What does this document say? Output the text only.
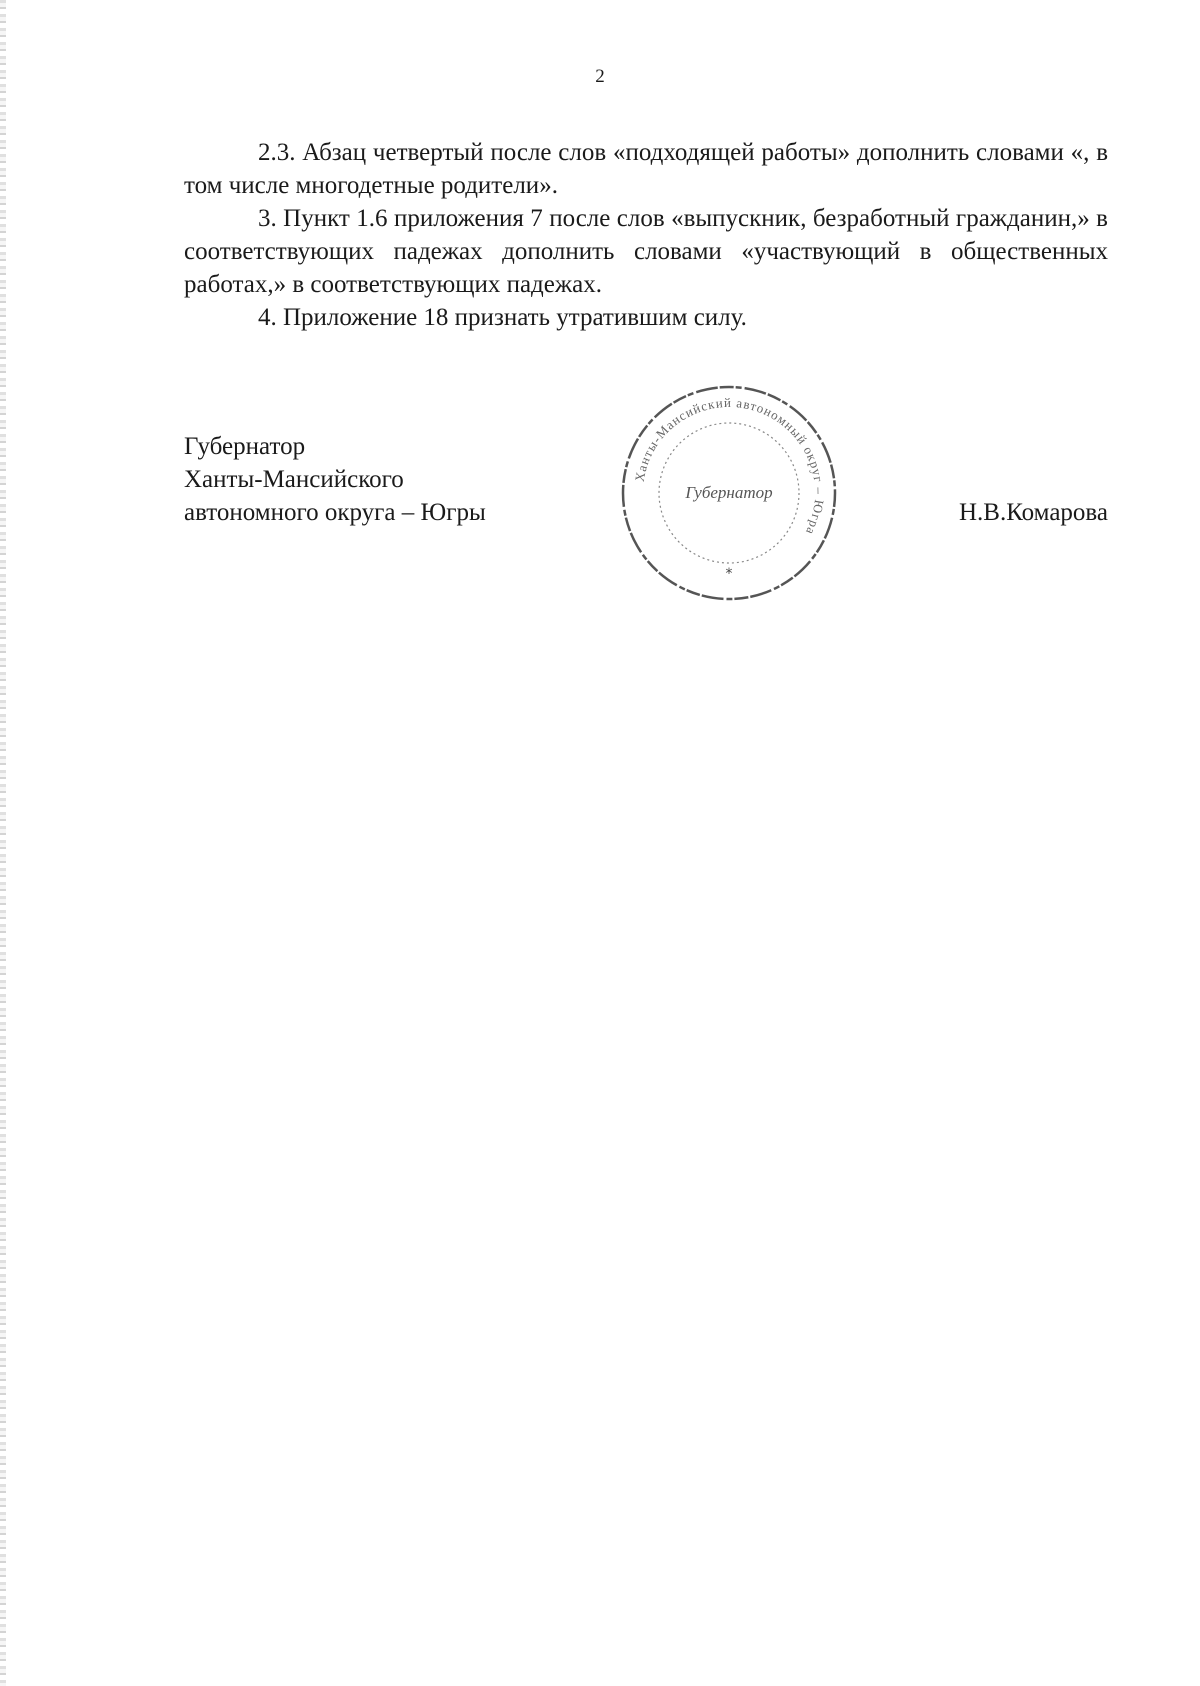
2

2.3. Абзац четвертый после слов «подходящей работы» дополнить словами «, в том числе многодетные родители».

3. Пункт 1.6 приложения 7 после слов «выпускник, безработный гражданин,» в соответствующих падежах дополнить словами «участвующий в общественных работах,» в соответствующих падежах.

4. Приложение 18 признать утратившим силу.

Губернатор
Ханты-Мансийского
автономного округа – Югры
Ханты-Мансийский автономный округ – Югра
Губернатор
*
Н.В.Комарова
